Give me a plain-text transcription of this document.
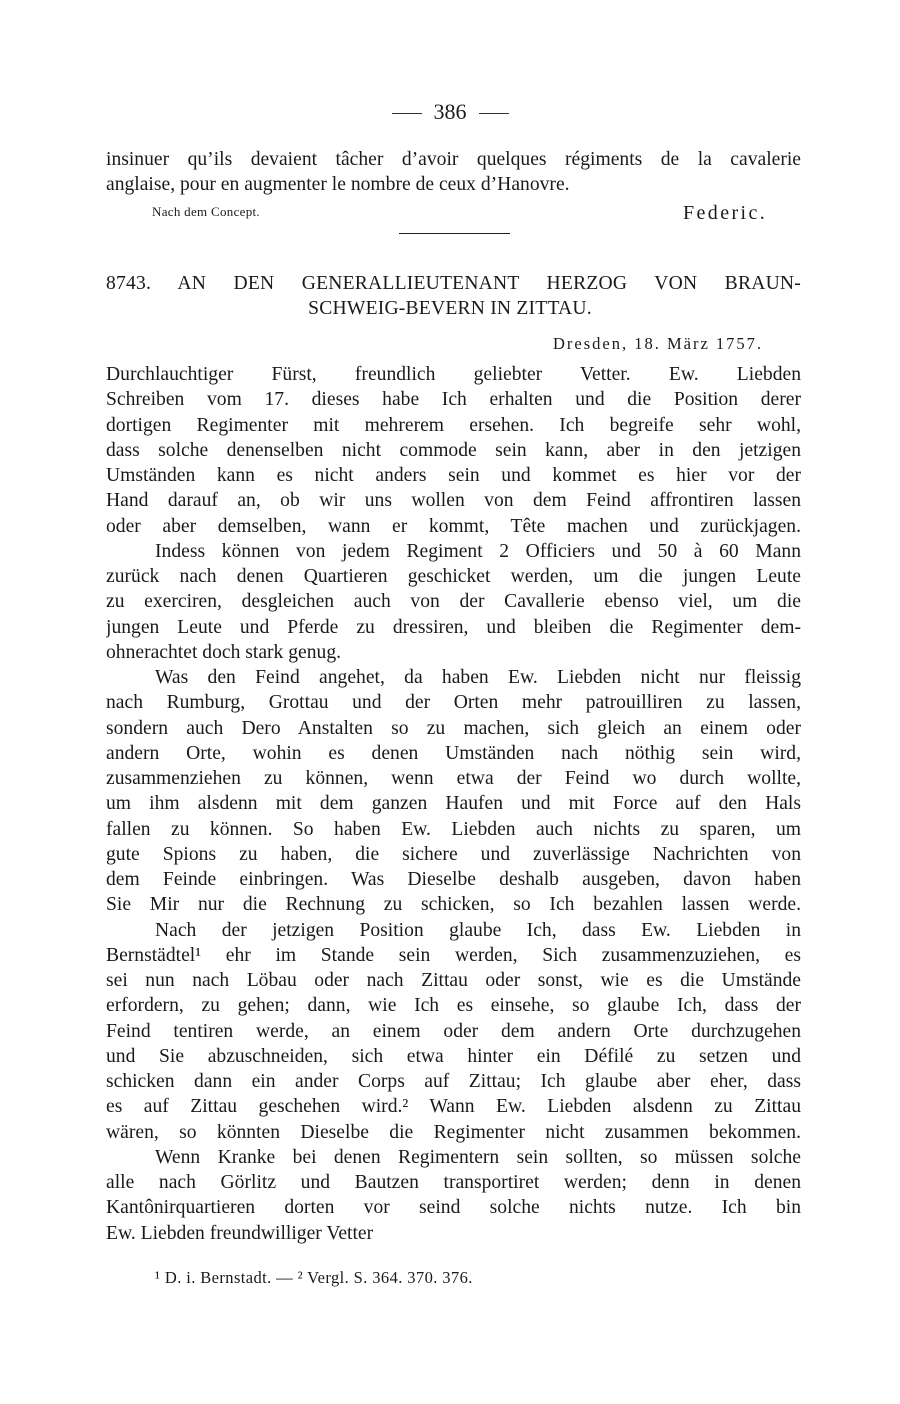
386
insinuer qu’ils devaient tâcher d’avoir quelques régiments de la cavalerie
anglaise, pour en augmenter le nombre de ceux d’Hanovre.
Nach dem Concept.	Federic.
8743. AN DEN GENERALLIEUTENANT HERZOG VON BRAUN-
SCHWEIG-BEVERN IN ZITTAU.
Dresden, 18. März 1757.
Durchlauchtiger Fürst, freundlich geliebter Vetter. Ew. Liebden
Schreiben vom 17. dieses habe Ich erhalten und die Position derer
dortigen Regimenter mit mehrerem ersehen. Ich begreife sehr wohl,
dass solche denenselben nicht commode sein kann, aber in den jetzigen
Umständen kann es nicht anders sein und kommet es hier vor der
Hand darauf an, ob wir uns wollen von dem Feind affrontiren lassen
oder aber demselben, wann er kommt, Tête machen und zurückjagen.
Indess können von jedem Regiment 2 Officiers und 50 à 60 Mann
zurück nach denen Quartieren geschicket werden, um die jungen Leute
zu exerciren, desgleichen auch von der Cavallerie ebenso viel, um die
jungen Leute und Pferde zu dressiren, und bleiben die Regimenter dem-
ohnerachtet doch stark genug.
Was den Feind angehet, da haben Ew. Liebden nicht nur fleissig
nach Rumburg, Grottau und der Orten mehr patrouilliren zu lassen,
sondern auch Dero Anstalten so zu machen, sich gleich an einem oder
andern Orte, wohin es denen Umständen nach nöthig sein wird,
zusammenziehen zu können, wenn etwa der Feind wo durch wollte,
um ihm alsdenn mit dem ganzen Haufen und mit Force auf den Hals
fallen zu können. So haben Ew. Liebden auch nichts zu sparen, um
gute Spions zu haben, die sichere und zuverlässige Nachrichten von
dem Feinde einbringen. Was Dieselbe deshalb ausgeben, davon haben
Sie Mir nur die Rechnung zu schicken, so Ich bezahlen lassen werde.
Nach der jetzigen Position glaube Ich, dass Ew. Liebden in
Bernstädtel¹ ehr im Stande sein werden, Sich zusammenzuziehen, es
sei nun nach Löbau oder nach Zittau oder sonst, wie es die Umstände
erfordern, zu gehen; dann, wie Ich es einsehe, so glaube Ich, dass der
Feind tentiren werde, an einem oder dem andern Orte durchzugehen
und Sie abzuschneiden, sich etwa hinter ein Défilé zu setzen und
schicken dann ein ander Corps auf Zittau; Ich glaube aber eher, dass
es auf Zittau geschehen wird.² Wann Ew. Liebden alsdenn zu Zittau
wären, so könnten Dieselbe die Regimenter nicht zusammen bekommen.
Wenn Kranke bei denen Regimentern sein sollten, so müssen solche
alle nach Görlitz und Bautzen transportiret werden; denn in denen
Kantônirquartieren dorten vor seind solche nichts nutze. Ich bin
Ew. Liebden freundwilliger Vetter
¹ D. i. Bernstadt. — ² Vergl. S. 364. 370. 376.
